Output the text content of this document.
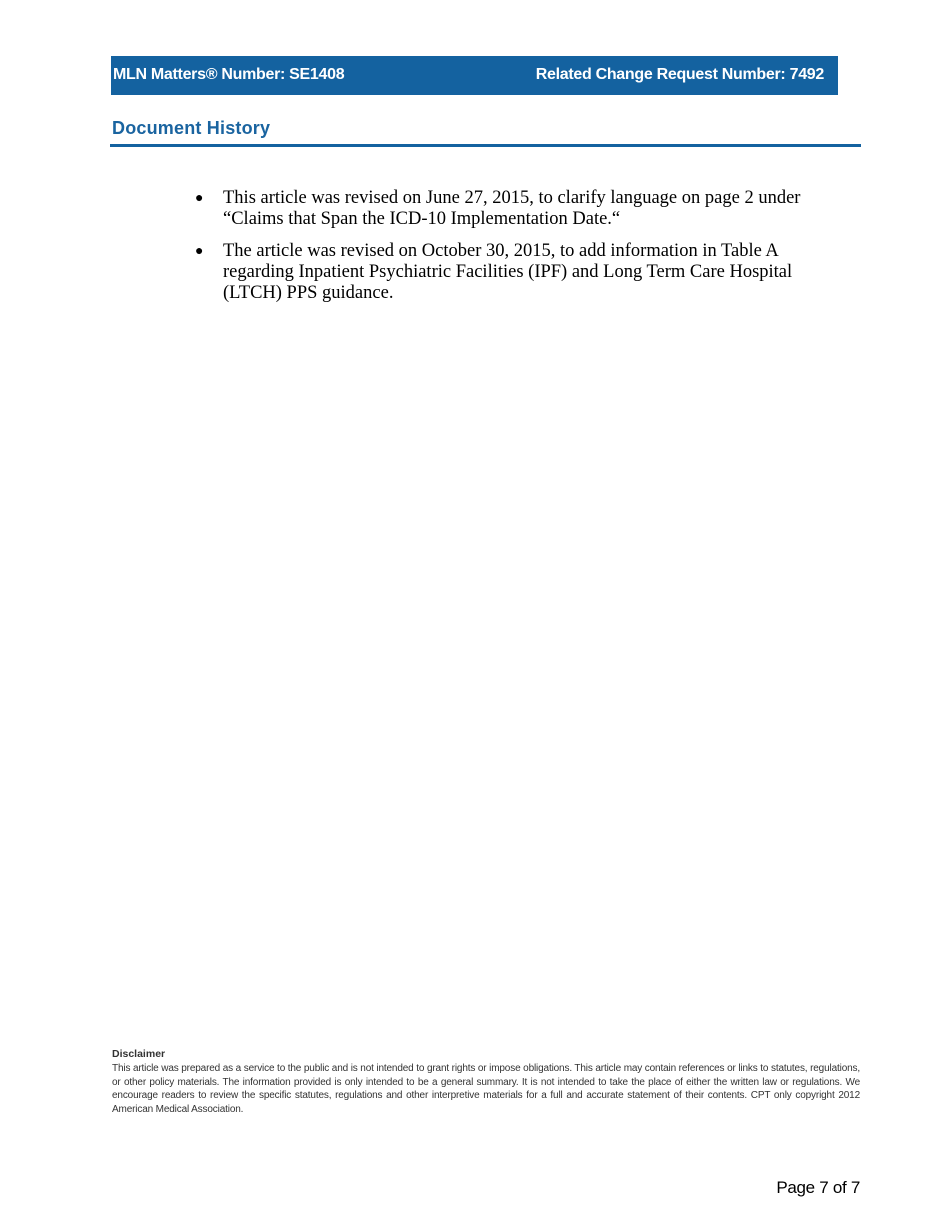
MLN Matters® Number: SE1408	Related Change Request Number: 7492
Document History
● This article was revised on June 27, 2015, to clarify language on page 2 under “Claims that Span the ICD-10 Implementation Date.“
● The article was revised on October 30, 2015, to add information in Table A regarding Inpatient Psychiatric Facilities (IPF) and Long Term Care Hospital (LTCH) PPS guidance.
Disclaimer
This article was prepared as a service to the public and is not intended to grant rights or impose obligations. This article may contain references or links to statutes, regulations, or other policy materials. The information provided is only intended to be a general summary. It is not intended to take the place of either the written law or regulations. We encourage readers to review the specific statutes, regulations and other interpretive materials for a full and accurate statement of their contents. CPT only copyright 2012 American Medical Association.
Page 7 of 7
